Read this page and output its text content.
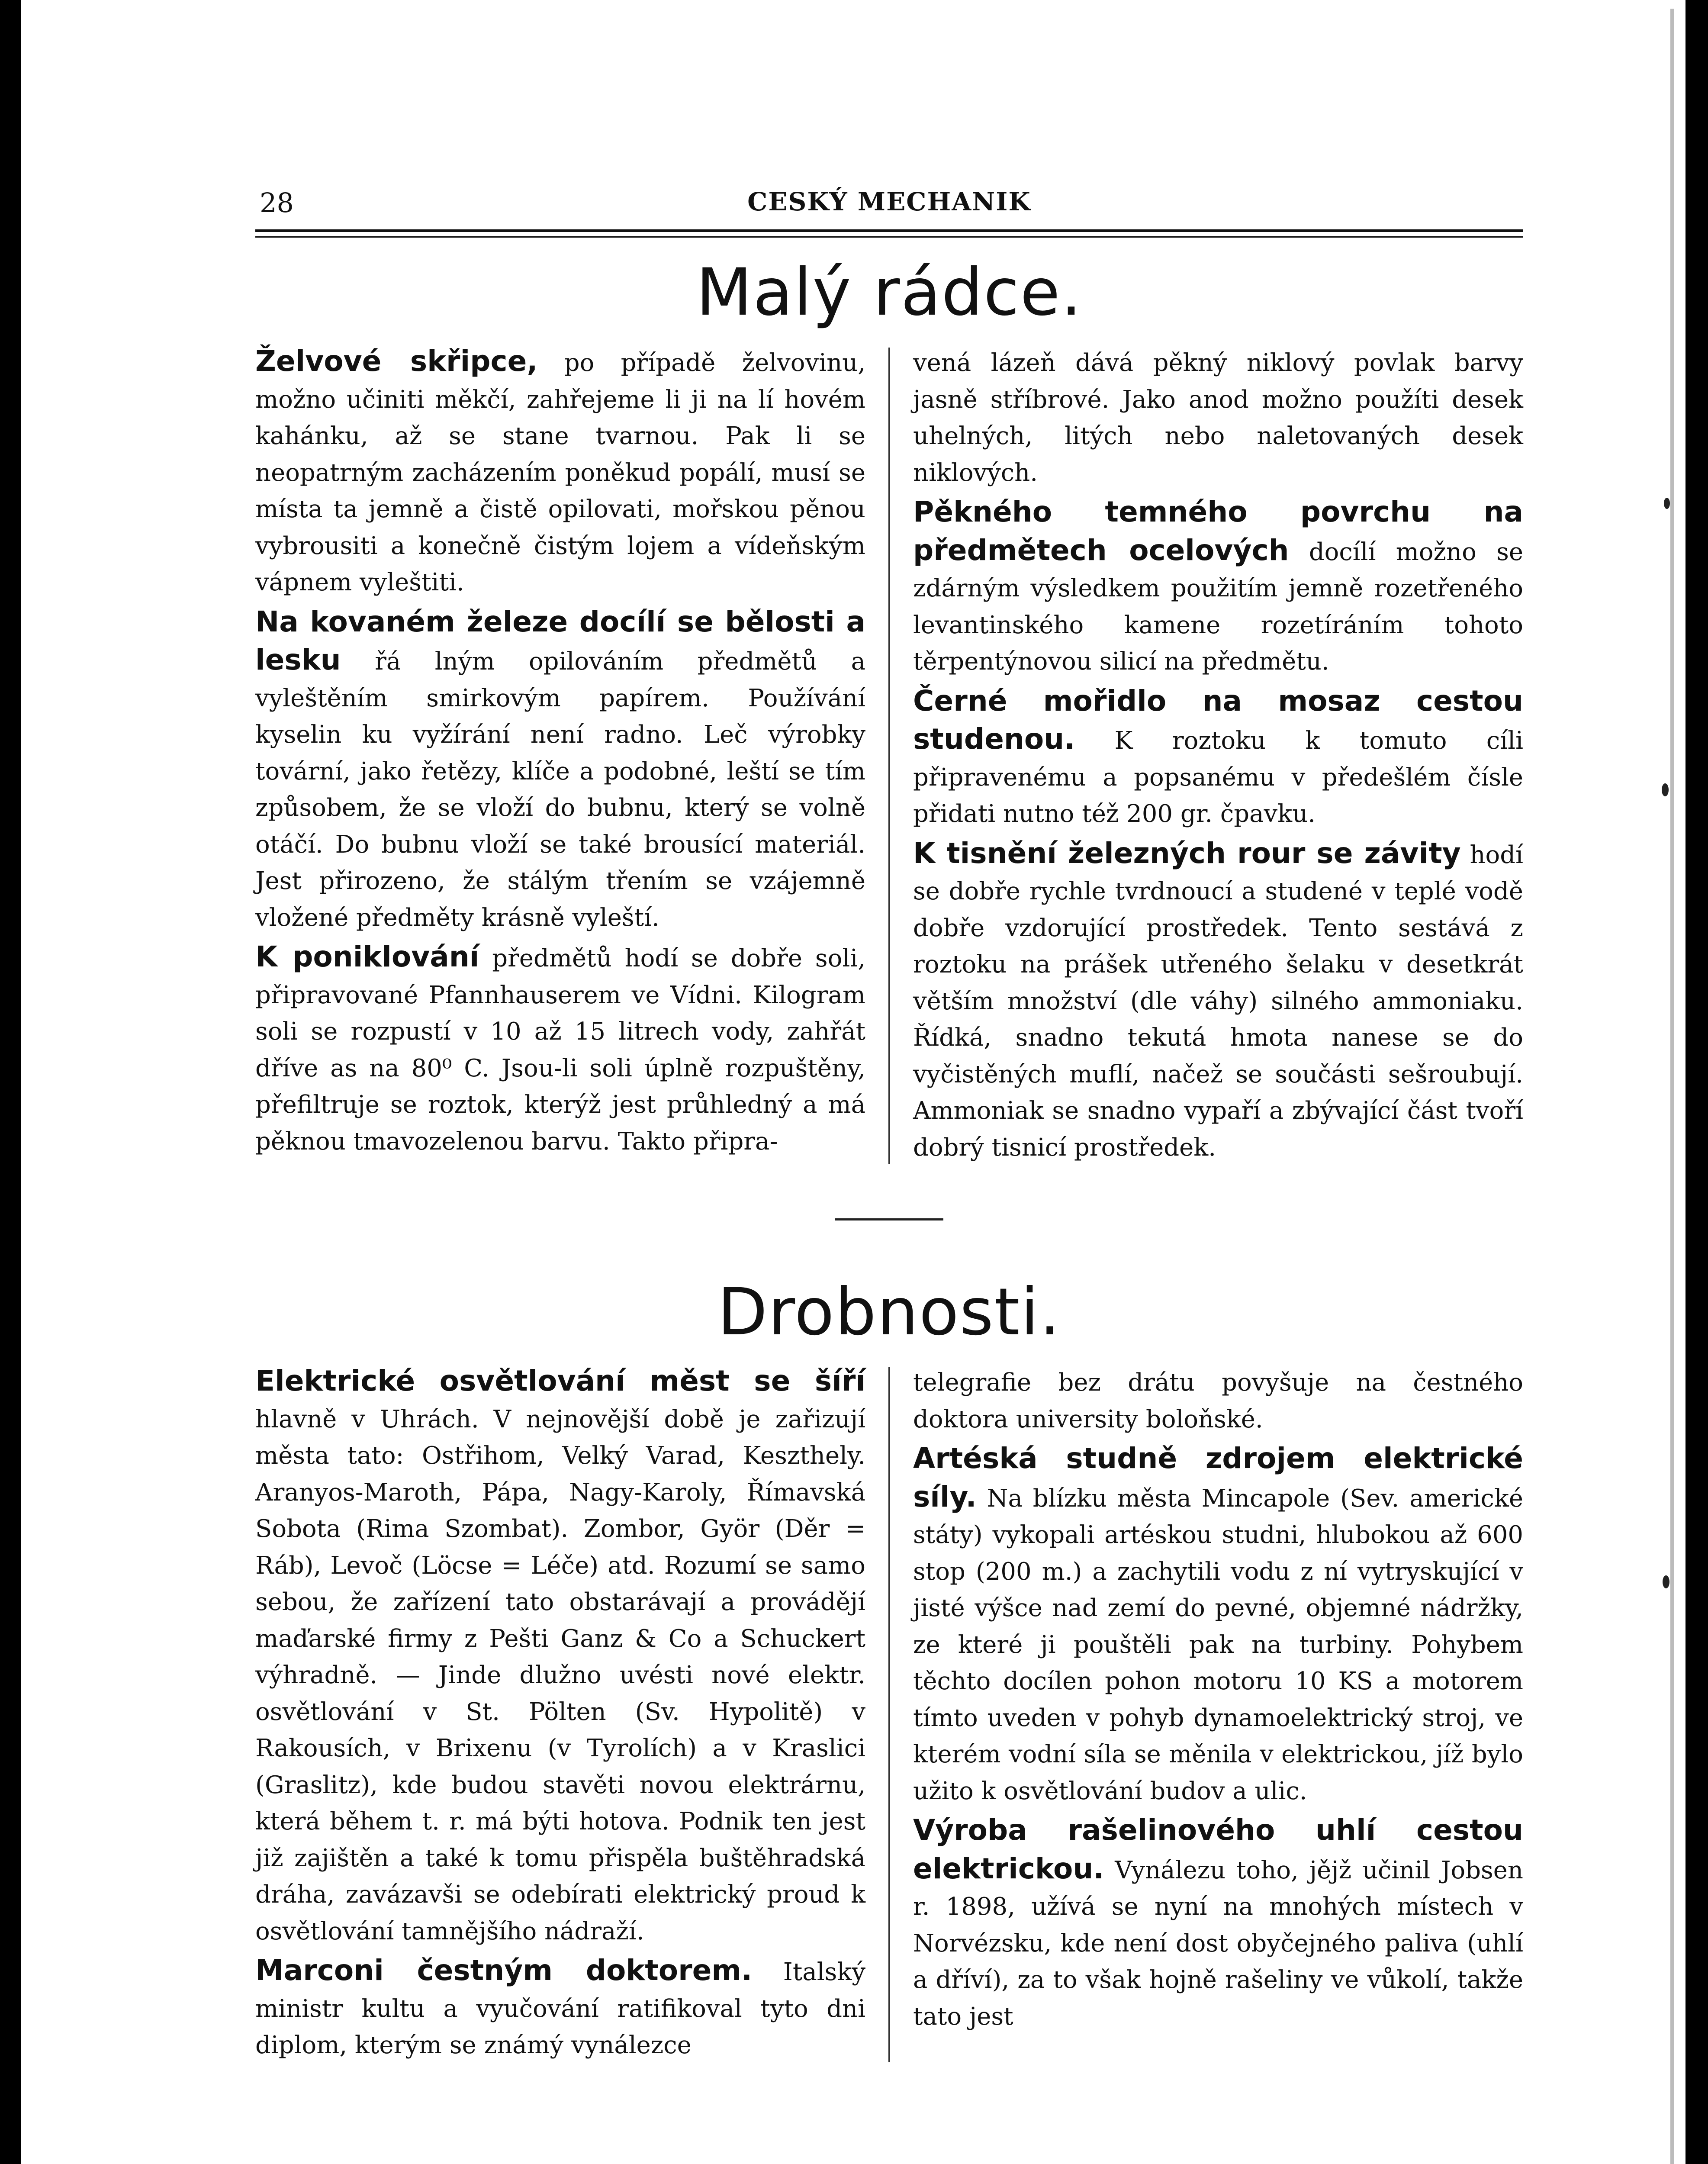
28	CESKÝ MECHANIK
Malý rádce.

Želvové skřipce, po případě želvovinu, možno učiniti měkčí, zahřejeme li ji na lí hovém kahánku, až se stane tvarnou. Pak li se neopatrným zacházením poněkud popálí, musí se místa ta jemně a čistě opilovati, mořskou pěnou vybrousiti a konečně čistým lojem a vídeňským vápnem vyleštiti.

Na kovaném železe docílí se bělosti a lesku řá lným opilováním předmětů a vyleštěním smirkovým papírem. Používání kyselin ku vyžírání není radno. Leč výrobky tovární, jako řetězy, klíče a podobné, leští se tím způsobem, že se vloží do bubnu, který se volně otáčí. Do bubnu vloží se také brousící materiál. Jest přirozeno, že stálým třením se vzájemně vložené předměty krásně vyleští.

K poniklování předmětů hodí se dobře soli, připravované Pfannhauserem ve Vídni. Kilogram soli se rozpustí v 10 až 15 litrech vody, zahřát dříve as na 80⁰ C. Jsou-li soli úplně rozpuštěny, přefiltruje se roztok, kterýž jest průhledný a má pěknou tmavozelenou barvu. Takto připra-

vená lázeň dává pěkný niklový povlak barvy jasně stříbrové. Jako anod možno použíti desek uhelných, litých nebo naletovaných desek niklových.

Pěkného temného povrchu na předmětech ocelových docílí možno se zdárným výsledkem použitím jemně rozetřeného levantinského kamene rozetíráním tohoto těrpentýnovou silicí na předmětu.

Černé mořidlo na mosaz cestou studenou. K roztoku k tomuto cíli připravenému a popsanému v předešlém čísle přidati nutno též 200 gr. čpavku.

K tisnění železných rour se závity hodí se dobře rychle tvrdnoucí a studené v teplé vodě dobře vzdorující prostředek. Tento sestává z roztoku na prášek utřeného šelaku v desetkrát větším množství (dle váhy) silného ammoniaku. Řídká, snadno tekutá hmota nanese se do vyčistěných muflí, načež se součásti sešroubují. Ammoniak se snadno vypaří a zbývající část tvoří dobrý tisnicí prostředek.

Drobnosti.

Elektrické osvětlování měst se šíří hlavně v Uhrách. V nejnovější době je zařizují města tato: Ostřihom, Velký Varad, Keszthely. Aranyos-Maroth, Pápa, Nagy-Karoly, Římavská Sobota (Rima Szombat). Zombor, Györ (Děr = Ráb), Levoč (Löcse = Léče) atd. Rozumí se samo sebou, že zařízení tato obstarávají a provádějí maďarské firmy z Pešti Ganz & Co a Schuckert výhradně. — Jinde dlužno uvésti nové elektr. osvětlování v St. Pölten (Sv. Hypolitě) v Rakousích, v Brixenu (v Tyrolích) a v Kraslici (Graslitz), kde budou stavěti novou elektrárnu, která během t. r. má býti hotova. Podnik ten jest již zajištěn a také k tomu přispěla buštěhradská dráha, zavázavši se odebírati elektrický proud k osvětlování tamnějšího nádraží.

Marconi čestným doktorem. Italský ministr kultu a vyučování ratifikoval tyto dni diplom, kterým se známý vynálezce

telegrafie bez drátu povyšuje na čestného doktora university boloňské.

Artéská studně zdrojem elektrické síly. Na blízku města Mincapole (Sev. americké státy) vykopali artéskou studni, hlubokou až 600 stop (200 m.) a zachytili vodu z ní vytryskující v jisté výšce nad zemí do pevné, objemné nádržky, ze které ji pouštěli pak na turbiny. Pohybem těchto docílen pohon motoru 10 KS a motorem tímto uveden v pohyb dynamoelektrický stroj, ve kterém vodní síla se měnila v elektrickou, jíž bylo užito k osvětlování budov a ulic.

Výroba rašelinového uhlí cestou elektrickou. Vynálezu toho, jějž učinil Jobsen r. 1898, užívá se nyní na mnohých místech v Norvézsku, kde není dost obyčejného paliva (uhlí a dříví), za to však hojně rašeliny ve vůkolí, takže tato jest
